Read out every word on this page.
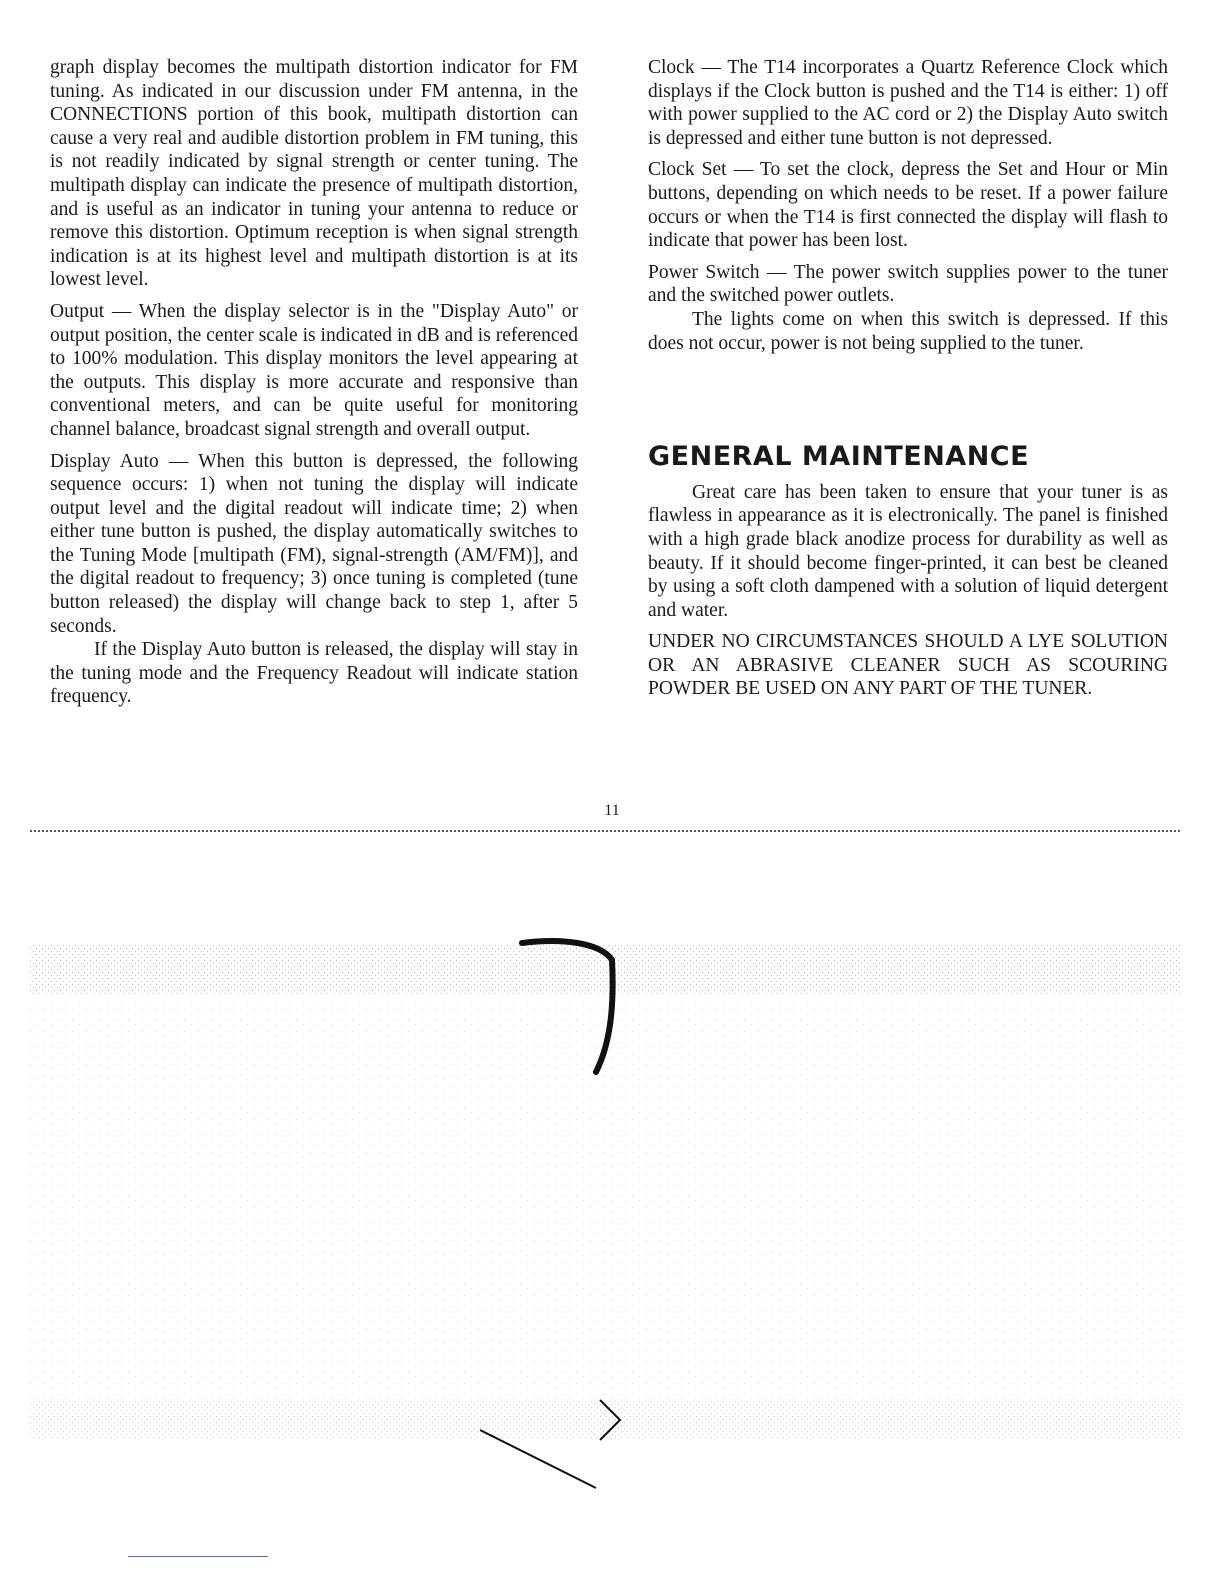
graph display becomes the multipath distortion indicator for FM tuning. As indicated in our discussion under FM antenna, in the CONNECTIONS portion of this book, multipath distortion can cause a very real and audible distortion problem in FM tuning, this is not readily indicated by signal strength or center tuning. The multipath display can indicate the presence of multipath distortion, and is useful as an indicator in tuning your antenna to reduce or remove this distortion. Optimum reception is when signal strength indication is at its highest level and multipath distortion is at its lowest level.

Output — When the display selector is in the "Display Auto" or output position, the center scale is indicated in dB and is referenced to 100% modulation. This display monitors the level appearing at the outputs. This display is more accurate and responsive than conventional meters, and can be quite useful for monitoring channel balance, broadcast signal strength and overall output.

Display Auto — When this button is depressed, the following sequence occurs: 1) when not tuning the display will indicate output level and the digital readout will indicate time; 2) when either tune button is pushed, the display automatically switches to the Tuning Mode [multipath (FM), signal-strength (AM/FM)], and the digital readout to frequency; 3) once tuning is completed (tune button released) the display will change back to step 1, after 5 seconds.

If the Display Auto button is released, the display will stay in the tuning mode and the Frequency Readout will indicate station frequency.

Clock — The T14 incorporates a Quartz Reference Clock which displays if the Clock button is pushed and the T14 is either: 1) off with power supplied to the AC cord or 2) the Display Auto switch is depressed and either tune button is not depressed.

Clock Set — To set the clock, depress the Set and Hour or Min buttons, depending on which needs to be reset. If a power failure occurs or when the T14 is first connected the display will flash to indicate that power has been lost.

Power Switch — The power switch supplies power to the tuner and the switched power outlets.

The lights come on when this switch is depressed. If this does not occur, power is not being supplied to the tuner.

GENERAL MAINTENANCE

Great care has been taken to ensure that your tuner is as flawless in appearance as it is electronically. The panel is finished with a high grade black anodize process for durability as well as beauty. If it should become finger-printed, it can best be cleaned by using a soft cloth dampened with a solution of liquid detergent and water.

UNDER NO CIRCUMSTANCES SHOULD A LYE SOLUTION OR AN ABRASIVE CLEANER SUCH AS SCOURING POWDER BE USED ON ANY PART OF THE TUNER.

11
